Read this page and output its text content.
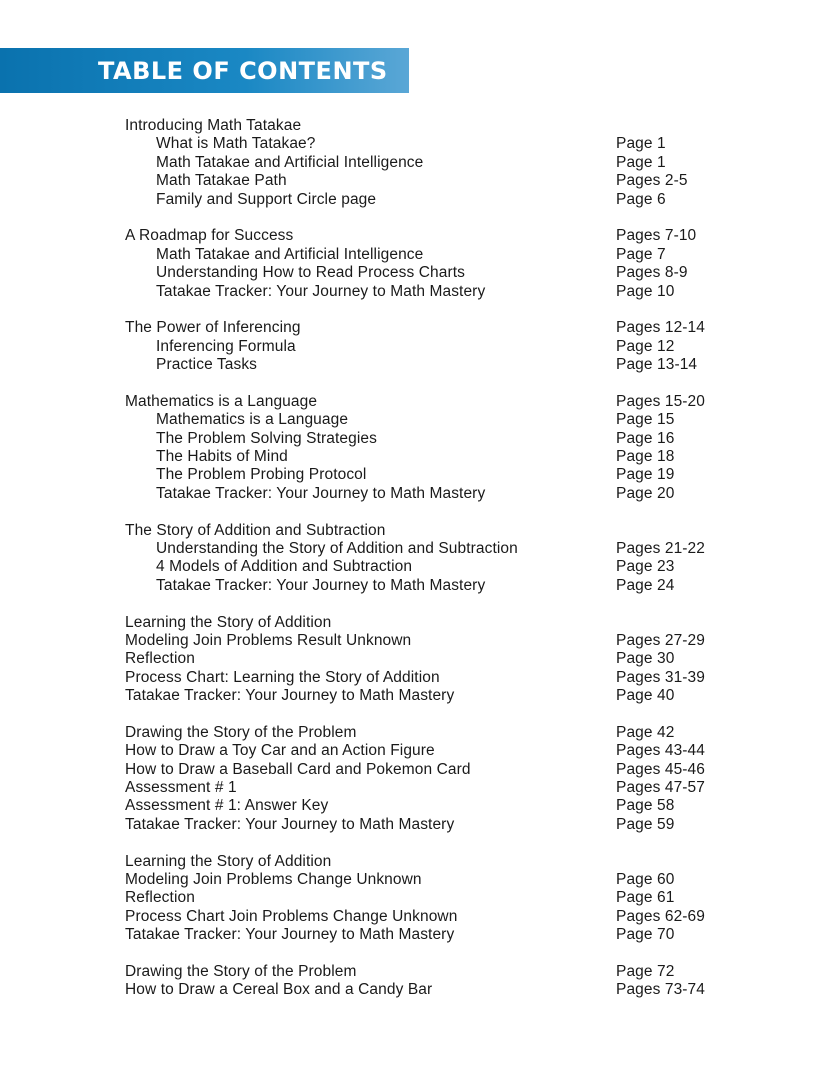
TABLE OF CONTENTS
Introducing Math Tatakae
What is Math Tatakae?	Page 1
Math Tatakae and Artificial Intelligence	Page 1
Math Tatakae Path	Pages 2-5
Family and Support Circle page	Page 6
A Roadmap for Success	Pages 7-10
Math Tatakae and Artificial Intelligence	Page 7
Understanding How to Read Process Charts	Pages 8-9
Tatakae Tracker: Your Journey to Math Mastery	Page 10
The Power of Inferencing	Pages 12-14
Inferencing Formula	Page 12
Practice Tasks	Page 13-14
Mathematics is a Language	Pages 15-20
Mathematics is a Language	Page 15
The Problem Solving Strategies	Page 16
The Habits of Mind	Page 18
The Problem Probing Protocol	Page 19
Tatakae Tracker: Your Journey to Math Mastery	Page 20
The Story of Addition and Subtraction
Understanding the Story of Addition and Subtraction	Pages 21-22
4 Models of Addition and Subtraction	Page 23
Tatakae Tracker: Your Journey to Math Mastery	Page 24
Learning the Story of Addition
Modeling Join Problems Result Unknown	Pages 27-29
Reflection	Page 30
Process Chart: Learning the Story of Addition	Pages 31-39
Tatakae Tracker: Your Journey to Math Mastery	Page 40
Drawing the Story of the Problem	Page 42
How to Draw a Toy Car and an Action Figure	Pages 43-44
How to Draw a Baseball Card and Pokemon Card	Pages 45-46
Assessment # 1	Pages 47-57
Assessment # 1: Answer Key	Page 58
Tatakae Tracker: Your Journey to Math Mastery	Page 59
Learning the Story of Addition
Modeling Join Problems Change Unknown	Page 60
Reflection	Page 61
Process Chart Join Problems Change Unknown	Pages 62-69
Tatakae Tracker: Your Journey to Math Mastery	Page 70
Drawing the Story of the Problem	Page 72
How to Draw a Cereal Box and a Candy Bar	Pages 73-74
